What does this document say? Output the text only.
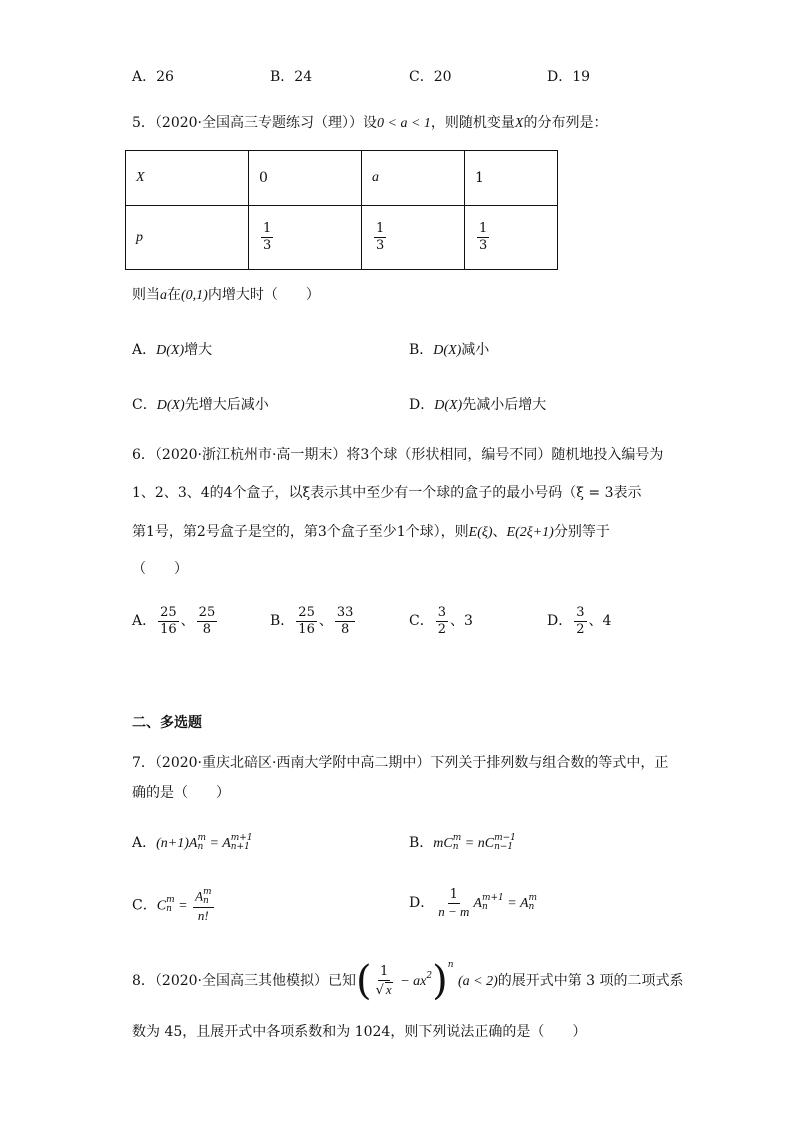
A．26	B．24	C．20	D．19
5．（2020·全国高三专题练习（理））设0 < a < 1，则随机变量X的分布列是：
X	0	a	1
p	$\frac{1}{3}$	$\frac{1}{3}$	$\frac{1}{3}$
则当a在(0,1)内增大时（　　）
A．D(X)增大	B．D(X)减小
C．D(X)先增大后减小	D．D(X)先减小后增大
6．（2020·浙江杭州市·高一期末）将3个球（形状相同，编号不同）随机地投入编号为
1、2、3、4的4个盒子，以ξ表示其中至少有一个球的盒子的最小号码（ξ = 3表示
第1号，第2号盒子是空的，第3个盒子至少1个球），则E(ξ)、E(2ξ+1)分别等于
（　　）
A． $\frac{25}{16}$ 、 $\frac{25}{8}$	B． $\frac{25}{16}$ 、 $\frac{33}{8}$	C． $\frac{3}{2}$ 、3	D． $\frac{3}{2}$ 、4
二、多选题
7．（2020·重庆北碚区·西南大学附中高二期中）下列关于排列数与组合数的等式中，正
确的是（　　）
A．(n+1)A m
n = A m+1
n+1	B．mC m
n = nC m−1
n−1
C．C m
n = A m
n
n!	D． $\frac{1}{n - m}$ A m+1
n	= A m
n
8．（2020·全国高三其他模拟）已知( $\frac{1}{√ x} - ax^2)^n$ (a < 2)的展开式中第 3 项的二项式系
数为 45，且展开式中各项系数和为 1024，则下列说法正确的是（　　）
